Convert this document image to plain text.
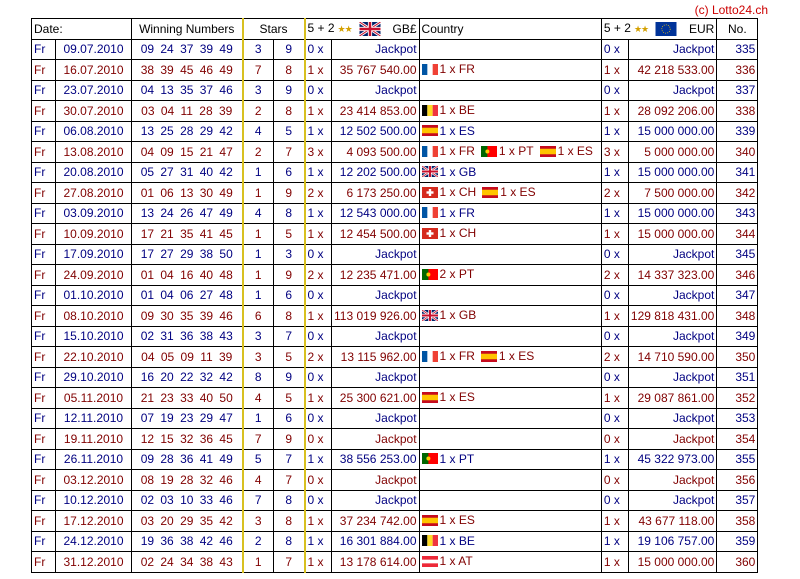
(c) Lotto24.ch
Date:		Winning Numbers	Stars		5 + 2 ★★ GB£		Country	5 + 2 ★★ EUR		No.
Fr	09.07.2010	09 24 37 39 49	3	9	0 x	Jackpot		0 x	Jackpot	335
Fr	16.07.2010	38 39 45 46 49	7	8	1 x	35 767 540.00	1 x FR	1 x	42 218 533.00	336
Fr	23.07.2010	04 13 35 37 46	3	9	0 x	Jackpot		0 x	Jackpot	337
Fr	30.07.2010	03 04 11 28 39	2	8	1 x	23 414 853.00	1 x BE	1 x	28 092 206.00	338
Fr	06.08.2010	13 25 28 29 42	4	5	1 x	12 502 500.00	1 x ES	1 x	15 000 000.00	339
Fr	13.08.2010	04 09 15 21 47	2	7	3 x	4 093 500.00	1 x FR 1 x PT 1 x ES	3 x	5 000 000.00	340
Fr	20.08.2010	05 27 31 40 42	1	6	1 x	12 202 500.00	1 x GB	1 x	15 000 000.00	341
Fr	27.08.2010	01 06 13 30 49	1	9	2 x	6 173 250.00	1 x CH 1 x ES	2 x	7 500 000.00	342
Fr	03.09.2010	13 24 26 47 49	4	8	1 x	12 543 000.00	1 x FR	1 x	15 000 000.00	343
Fr	10.09.2010	17 21 35 41 45	1	5	1 x	12 454 500.00	1 x CH	1 x	15 000 000.00	344
Fr	17.09.2010	17 27 29 38 50	1	3	0 x	Jackpot		0 x	Jackpot	345
Fr	24.09.2010	01 04 16 40 48	1	9	2 x	12 235 471.00	2 x PT	2 x	14 337 323.00	346
Fr	01.10.2010	01 04 06 27 48	1	6	0 x	Jackpot		0 x	Jackpot	347
Fr	08.10.2010	09 30 35 39 46	6	8	1 x	113 019 926.00	1 x GB	1 x	129 818 431.00	348
Fr	15.10.2010	02 31 36 38 43	3	7	0 x	Jackpot		0 x	Jackpot	349
Fr	22.10.2010	04 05 09 11 39	3	5	2 x	13 115 962.00	1 x FR 1 x ES	2 x	14 710 590.00	350
Fr	29.10.2010	16 20 22 32 42	8	9	0 x	Jackpot		0 x	Jackpot	351
Fr	05.11.2010	21 23 33 40 50	4	5	1 x	25 300 621.00	1 x ES	1 x	29 087 861.00	352
Fr	12.11.2010	07 19 23 29 47	1	6	0 x	Jackpot		0 x	Jackpot	353
Fr	19.11.2010	12 15 32 36 45	7	9	0 x	Jackpot		0 x	Jackpot	354
Fr	26.11.2010	09 28 36 41 49	5	7	1 x	38 556 253.00	1 x PT	1 x	45 322 973.00	355
Fr	03.12.2010	08 19 28 32 46	4	7	0 x	Jackpot		0 x	Jackpot	356
Fr	10.12.2010	02 03 10 33 46	7	8	0 x	Jackpot		0 x	Jackpot	357
Fr	17.12.2010	03 20 29 35 42	3	8	1 x	37 234 742.00	1 x ES	1 x	43 677 118.00	358
Fr	24.12.2010	19 36 38 42 46	2	8	1 x	16 301 884.00	1 x BE	1 x	19 106 757.00	359
Fr	31.12.2010	02 24 34 38 43	1	7	1 x	13 178 614.00	1 x AT	1 x	15 000 000.00	360
